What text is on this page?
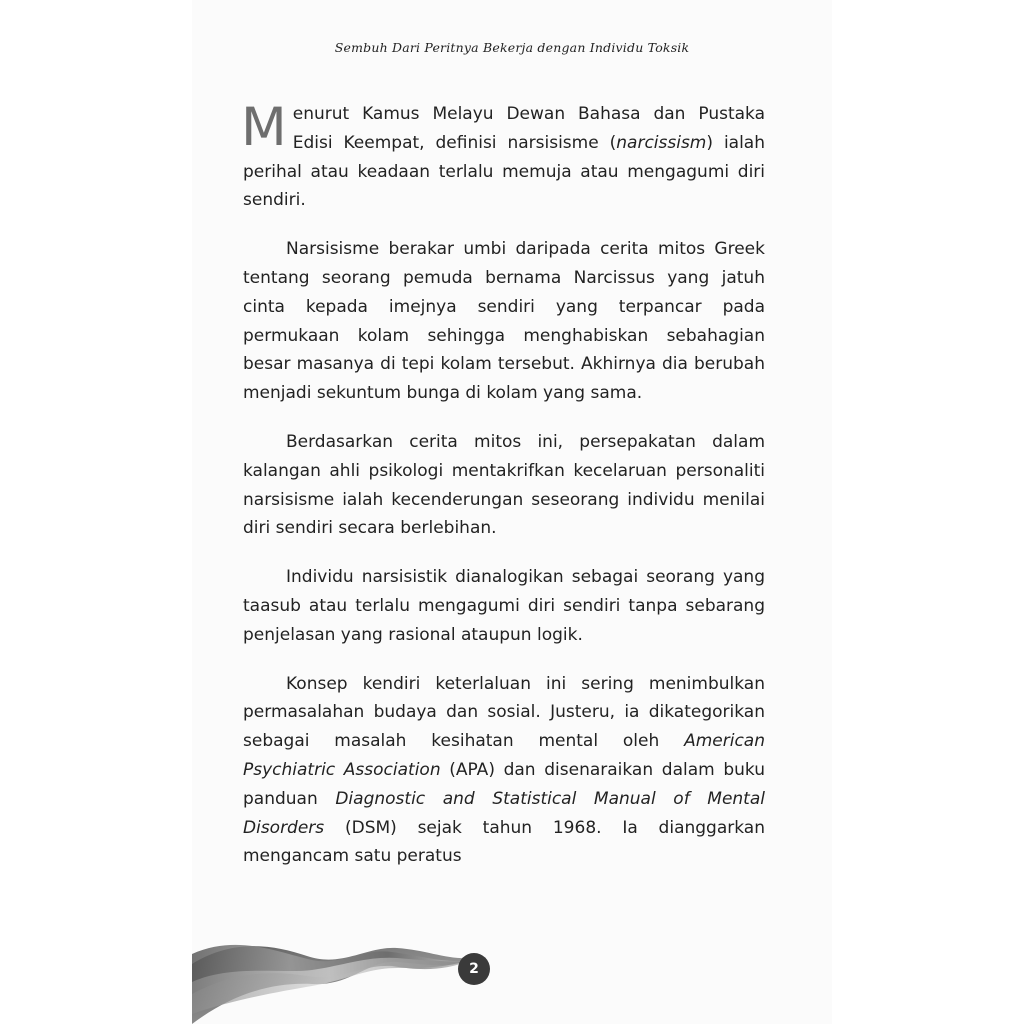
Sembuh Dari Peritnya Bekerja dengan Individu Toksik

Menurut Kamus Melayu Dewan Bahasa dan Pustaka Edisi Keempat, definisi narsisisme (narcissism) ialah perihal atau keadaan terlalu memuja atau mengagumi diri sendiri.

Narsisisme berakar umbi daripada cerita mitos Greek tentang seorang pemuda bernama Narcissus yang jatuh cinta kepada imejnya sendiri yang terpancar pada permukaan kolam sehingga menghabiskan sebahagian besar masanya di tepi kolam tersebut. Akhirnya dia berubah menjadi sekuntum bunga di kolam yang sama.

Berdasarkan cerita mitos ini, persepakatan dalam kalangan ahli psikologi mentakrifkan kecelaruan personaliti narsisisme ialah kecenderungan seseorang individu menilai diri sendiri secara berlebihan.

Individu narsisistik dianalogikan sebagai seorang yang taasub atau terlalu mengagumi diri sendiri tanpa sebarang penjelasan yang rasional ataupun logik.

Konsep kendiri keterlaluan ini sering menimbulkan permasalahan budaya dan sosial. Justeru, ia dikategorikan sebagai masalah kesihatan mental oleh American Psychiatric Association (APA) dan disenaraikan dalam buku panduan Diagnostic and Statistical Manual of Mental Disorders (DSM) sejak tahun 1968. Ia dianggarkan mengancam satu peratus

2
